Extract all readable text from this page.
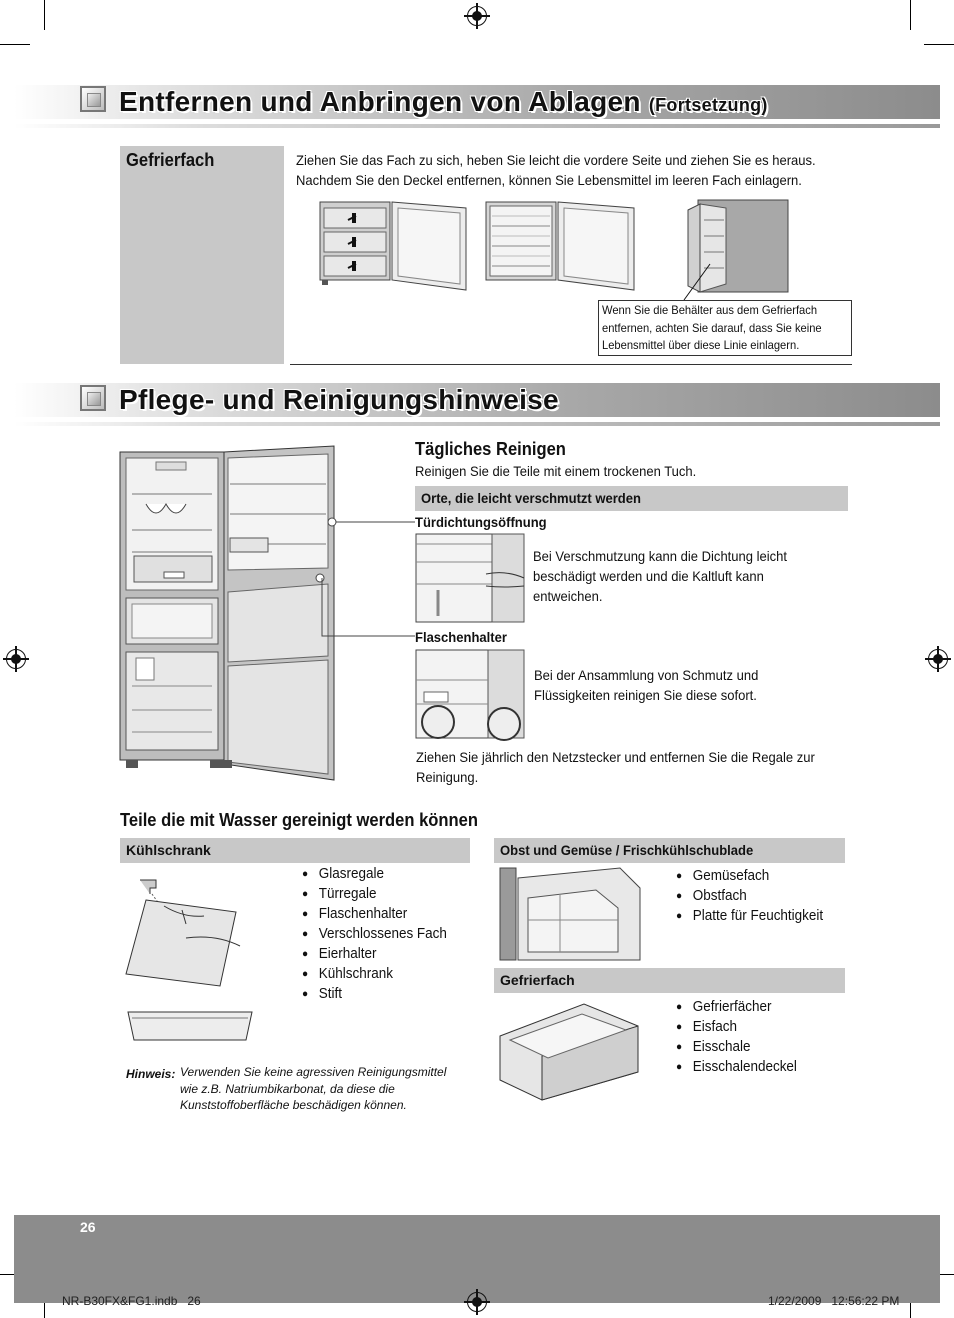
Entfernen und Anbringen von Ablagen (Fortsetzung)
Gefrierfach	Ziehen Sie das Fach zu sich, heben Sie leicht die vordere Seite und ziehen Sie es heraus.
Nachdem Sie den Deckel entfernen, können Sie Lebensmittel im leeren Fach einlagern.
Wenn Sie die Behälter aus dem Gefrierfach
entfernen, achten Sie darauf, dass Sie keine
Lebensmittel über diese Linie einlagern.
Pflege- und Reinigungshinweise
Tägliches Reinigen
Reinigen Sie die Teile mit einem trockenen Tuch.
Orte, die leicht verschmutzt werden
Türdichtungsöffnung
Bei Verschmutzung kann die Dichtung leicht
beschädigt werden und die Kaltluft kann
entweichen.
Flaschenhalter
Bei der Ansammlung von Schmutz und
Flüssigkeiten reinigen Sie diese sofort.
Ziehen Sie jährlich den Netzstecker und entfernen Sie die Regale zur
Reinigung.
Teile die mit Wasser gereinigt werden können
Kühlschrank
● Glasregale
● Türregale
● Flaschenhalter
● Verschlossenes Fach
● Eierhalter
● Kühlschrank
● Stift
Hinweis: Verwenden Sie keine agressiven Reinigungsmittel
wie z.B. Natriumbikarbonat, da diese die
Kunststoffoberfläche beschädigen können.
Obst und Gemüse / Frischkühlschublade
● Gemüsefach
● Obstfach
● Platte für Feuchtigkeit
Gefrierfach
● Gefrierfächer
● Eisfach
● Eisschale
● Eisschalendeckel
26
NR-B30FX&FG1.indb   26	1/22/2009   12:56:22 PM
